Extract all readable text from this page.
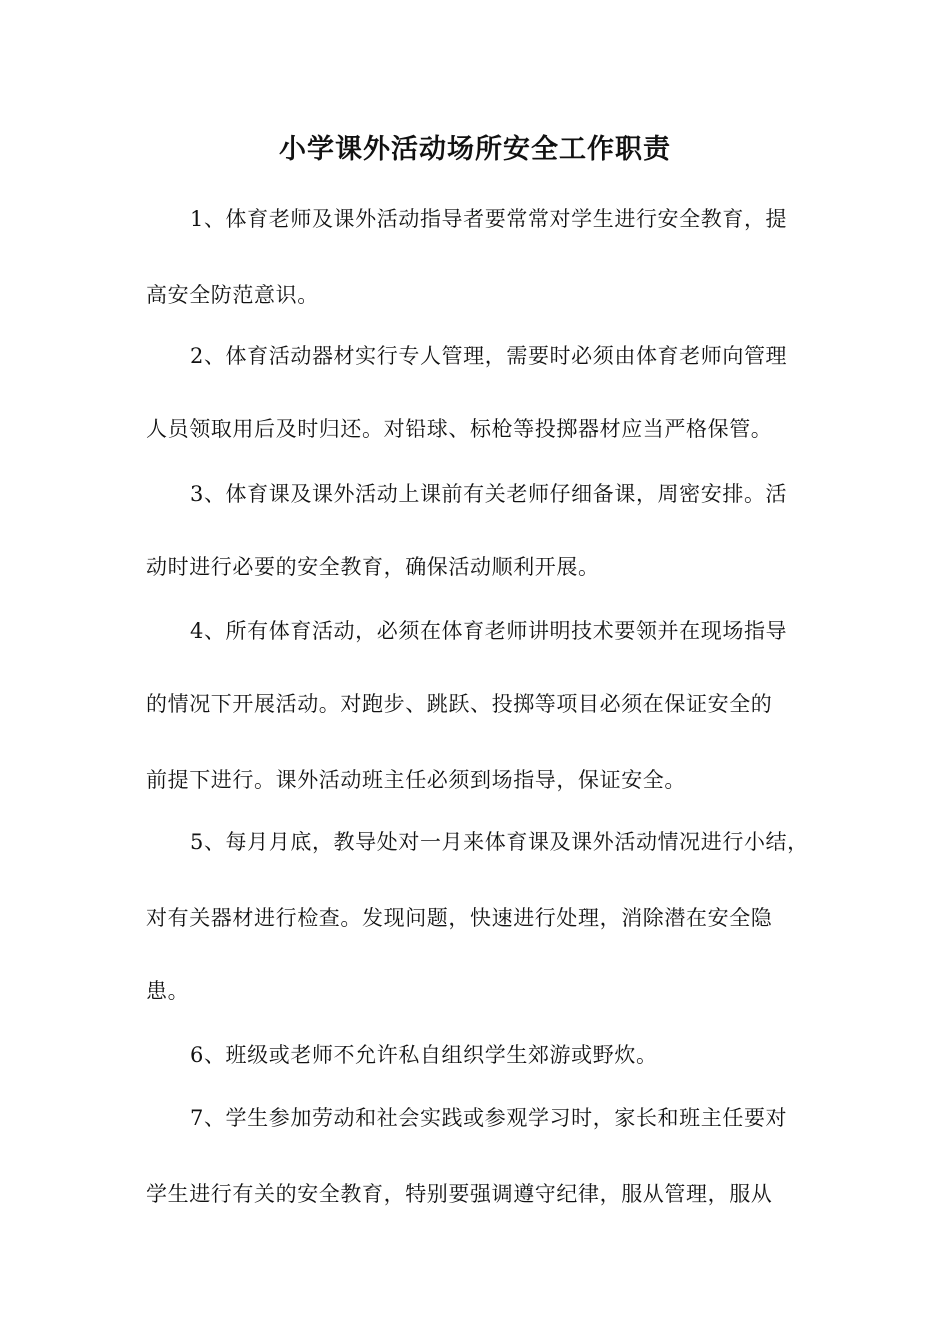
小学课外活动场所安全工作职责
1、体育老师及课外活动指导者要常常对学生进行安全教育，提
高安全防范意识。
2、体育活动器材实行专人管理，需要时必须由体育老师向管理
人员领取用后及时归还。对铅球、标枪等投掷器材应当严格保管。
3、体育课及课外活动上课前有关老师仔细备课，周密安排。活
动时进行必要的安全教育，确保活动顺利开展。
4、所有体育活动，必须在体育老师讲明技术要领并在现场指导
的情况下开展活动。对跑步、跳跃、投掷等项目必须在保证安全的
前提下进行。课外活动班主任必须到场指导，保证安全。
5、每月月底，教导处对一月来体育课及课外活动情况进行小结，
对有关器材进行检查。发现问题，快速进行处理，消除潜在安全隐
患。
6、班级或老师不允许私自组织学生郊游或野炊。
7、学生参加劳动和社会实践或参观学习时，家长和班主任要对
学生进行有关的安全教育，特别要强调遵守纪律，服从管理，服从
